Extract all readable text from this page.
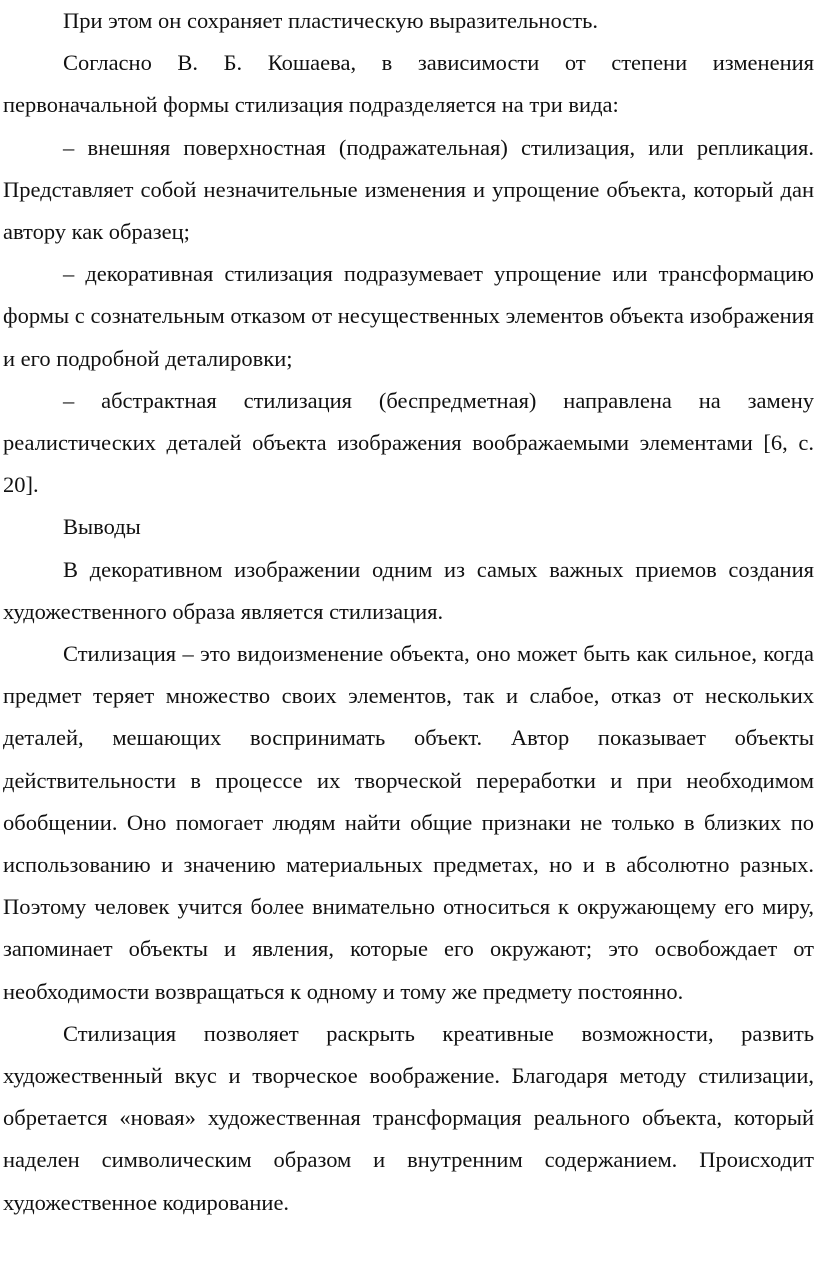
При этом он сохраняет пластическую выразительность.

Согласно В. Б. Кошаева, в зависимости от степени изменения первоначальной формы стилизация подразделяется на три вида:

– внешняя поверхностная (подражательная) стилизация, или репликация. Представляет собой незначительные изменения и упрощение объекта, который дан автору как образец;

– декоративная стилизация подразумевает упрощение или трансформацию формы с сознательным отказом от несущественных элементов объекта изображения и его подробной деталировки;

– абстрактная стилизация (беспредметная) направлена на замену реалистических деталей объекта изображения воображаемыми элементами [6, с. 20].

Выводы

В декоративном изображении одним из самых важных приемов создания художественного образа является стилизация.

Стилизация – это видоизменение объекта, оно может быть как сильное, когда предмет теряет множество своих элементов, так и слабое, отказ от нескольких деталей, мешающих воспринимать объект. Автор показывает объекты действительности в процессе их творческой переработки и при необходимом обобщении. Оно помогает людям найти общие признаки не только в близких по использованию и значению материальных предметах, но и в абсолютно разных. Поэтому человек учится более внимательно относиться к окружающему его миру, запоминает объекты и явления, которые его окружают; это освобождает от необходимости возвращаться к одному и тому же предмету постоянно.

Стилизация позволяет раскрыть креативные возможности, развить художественный вкус и творческое воображение. Благодаря методу стилизации, обретается «новая» художественная трансформация реального объекта, который наделен символическим образом и внутренним содержанием. Происходит художественное кодирование.
